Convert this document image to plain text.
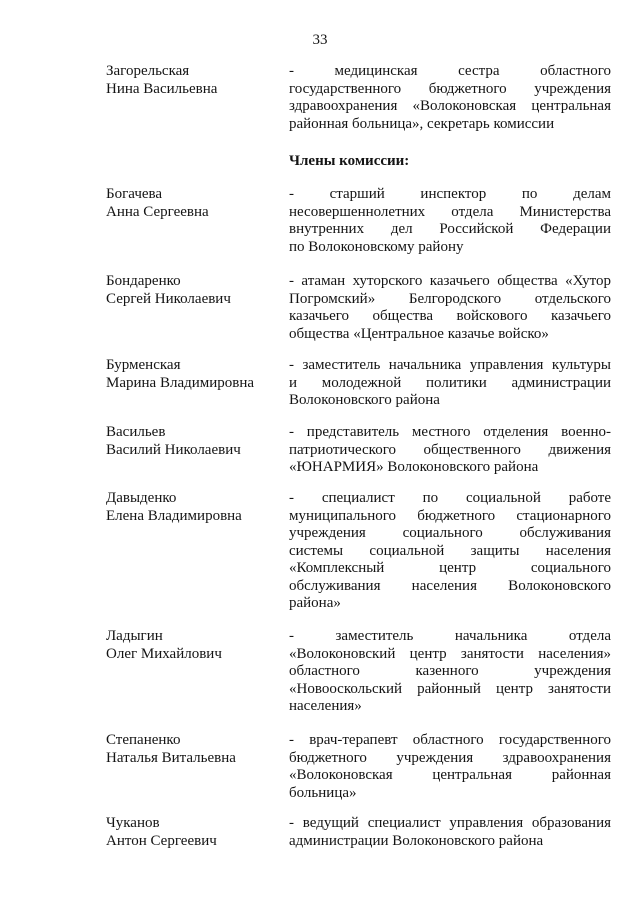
33
Загорельская
Нина Васильевна
- медицинская сестра областного
государственного бюджетного учреждения
здравоохранения «Волоконовская центральная
районная больница», секретарь комиссии
Члены комиссии:
Богачева
Анна Сергеевна
- старший инспектор по делам
несовершеннолетних отдела Министерства
внутренних дел Российской Федерации
по Волоконовскому району
Бондаренко
Сергей Николаевич
- атаман хуторского казачьего общества «Хутор
Погромский» Белгородского отдельского
казачьего общества войскового казачьего
общества «Центральное казачье войско»
Бурменская
Марина Владимировна
- заместитель начальника управления культуры
и молодежной политики администрации
Волоконовского района
Васильев
Василий Николаевич
- представитель местного отделения военно-
патриотического общественного движения
«ЮНАРМИЯ» Волоконовского района
Давыденко
Елена Владимировна
- специалист по социальной работе
муниципального бюджетного стационарного
учреждения социального обслуживания
системы социальной защиты населения
«Комплексный центр социального
обслуживания населения Волоконовского
района»
Ладыгин
Олег Михайлович
- заместитель начальника отдела
«Волоконовский центр занятости населения»
областного казенного учреждения
«Новооскольский районный центр занятости
населения»
Степаненко
Наталья Витальевна
- врач-терапевт областного государственного
бюджетного учреждения здравоохранения
«Волоконовская центральная районная
больница»
Чуканов
Антон Сергеевич
- ведущий специалист управления образования
администрации Волоконовского района
